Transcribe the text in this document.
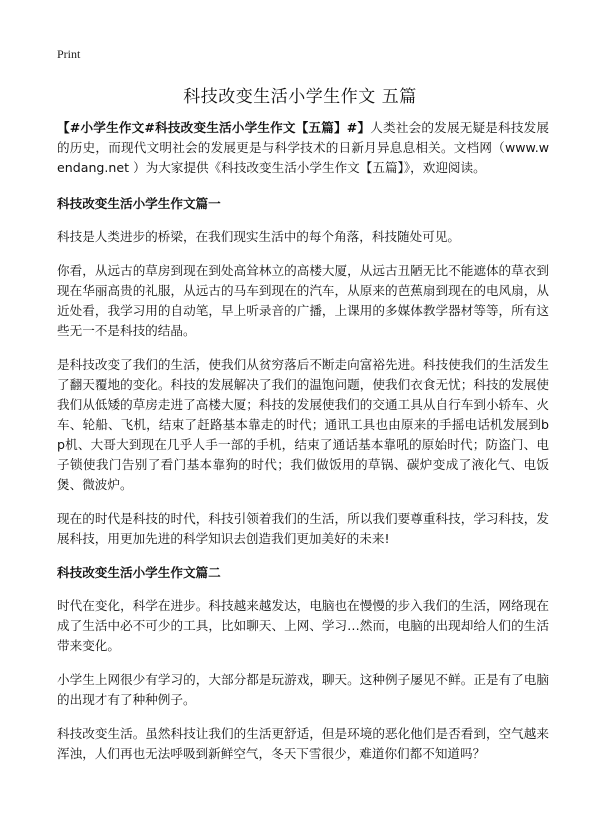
Print
科技改变生活小学生作文 五篇

【#小学生作文#科技改变生活小学生作文【五篇】#】人类社会的发展无疑是科技发展的历史，而现代文明社会的发展更是与科学技术的日新月异息息相关。文档网（www.wendang.net ）为大家提供《科技改变生活小学生作文【五篇】》，欢迎阅读。

科技改变生活小学生作文篇一

科技是人类进步的桥梁，在我们现实生活中的每个角落，科技随处可见。

你看，从远古的草房到现在到处高耸林立的高楼大厦，从远古丑陋无比不能遮体的草衣到现在华丽高贵的礼服，从远古的马车到现在的汽车，从原来的芭蕉扇到现在的电风扇，从近处看，我学习用的自动笔，早上听录音的广播，上课用的多媒体教学器材等等，所有这些无一不是科技的结晶。

是科技改变了我们的生活，使我们从贫穷落后不断走向富裕先进。科技使我们的生活发生了翻天覆地的变化。科技的发展解决了我们的温饱问题，使我们衣食无忧；科技的发展使我们从低矮的草房走进了高楼大厦；科技的发展使我们的交通工具从自行车到小轿车、火车、轮船、飞机，结束了赶路基本靠走的时代；通讯工具也由原来的手摇电话机发展到bp机、大哥大到现在几乎人手一部的手机，结束了通话基本靠吼的原始时代；防盗门、电子锁使我门告别了看门基本靠狗的时代；我们做饭用的草锅、碳炉变成了液化气、电饭煲、微波炉。

现在的时代是科技的时代，科技引领着我们的生活，所以我们要尊重科技，学习科技，发展科技，用更加先进的科学知识去创造我们更加美好的未来!

科技改变生活小学生作文篇二

时代在变化，科学在进步。科技越来越发达，电脑也在慢慢的步入我们的生活，网络现在成了生活中必不可少的工具，比如聊天、上网、学习…然而，电脑的出现却给人们的生活带来变化。

小学生上网很少有学习的，大部分都是玩游戏，聊天。这种例子屡见不鲜。正是有了电脑的出现才有了种种例子。

科技改变生活。虽然科技让我们的生活更舒适，但是环境的恶化他们是否看到，空气越来浑浊，人们再也无法呼吸到新鲜空气，冬天下雪很少，难道你们都不知道吗？
